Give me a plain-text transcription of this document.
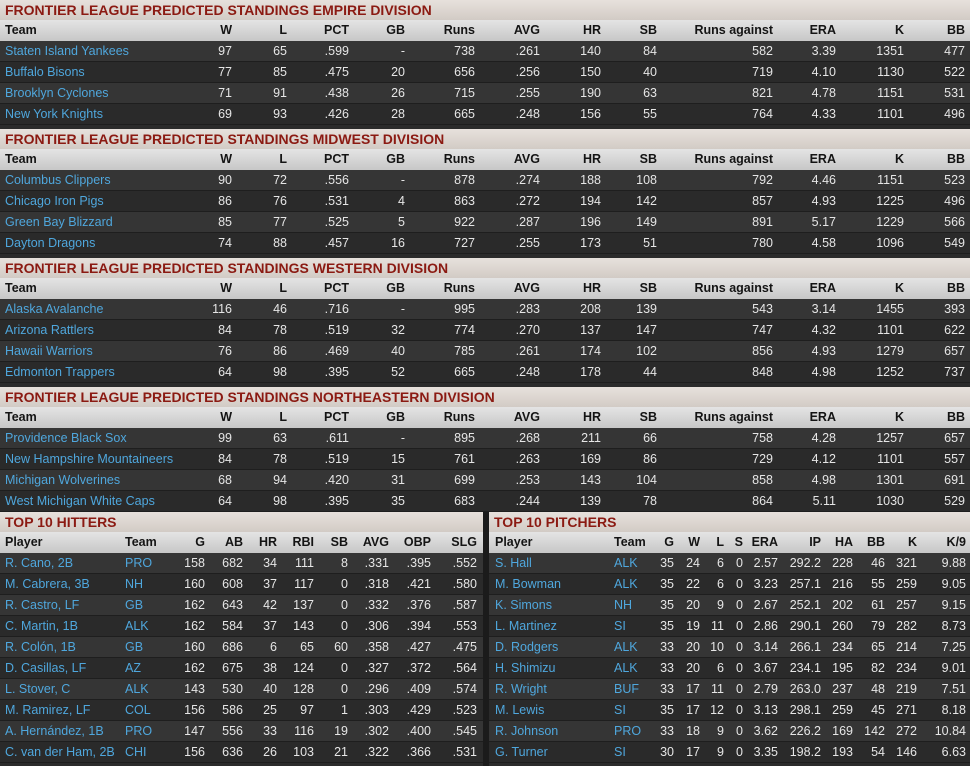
FRONTIER LEAGUE PREDICTED STANDINGS EMPIRE DIVISION
Team	W	L	PCT	GB	Runs	AVG	HR	SB	Runs against	ERA	K	BB
Staten Island Yankees	97	65	.599	-	738	.261	140	84	582	3.39	1351	477
Buffalo Bisons	77	85	.475	20	656	.256	150	40	719	4.10	1130	522
Brooklyn Cyclones	71	91	.438	26	715	.255	190	63	821	4.78	1151	531
New York Knights	69	93	.426	28	665	.248	156	55	764	4.33	1101	496
FRONTIER LEAGUE PREDICTED STANDINGS MIDWEST DIVISION
Team	W	L	PCT	GB	Runs	AVG	HR	SB	Runs against	ERA	K	BB
Columbus Clippers	90	72	.556	-	878	.274	188	108	792	4.46	1151	523
Chicago Iron Pigs	86	76	.531	4	863	.272	194	142	857	4.93	1225	496
Green Bay Blizzard	85	77	.525	5	922	.287	196	149	891	5.17	1229	566
Dayton Dragons	74	88	.457	16	727	.255	173	51	780	4.58	1096	549
FRONTIER LEAGUE PREDICTED STANDINGS WESTERN DIVISION
Team	W	L	PCT	GB	Runs	AVG	HR	SB	Runs against	ERA	K	BB
Alaska Avalanche	116	46	.716	-	995	.283	208	139	543	3.14	1455	393
Arizona Rattlers	84	78	.519	32	774	.270	137	147	747	4.32	1101	622
Hawaii Warriors	76	86	.469	40	785	.261	174	102	856	4.93	1279	657
Edmonton Trappers	64	98	.395	52	665	.248	178	44	848	4.98	1252	737
FRONTIER LEAGUE PREDICTED STANDINGS NORTHEASTERN DIVISION
Team	W	L	PCT	GB	Runs	AVG	HR	SB	Runs against	ERA	K	BB
Providence Black Sox	99	63	.611	-	895	.268	211	66	758	4.28	1257	657
New Hampshire Mountaineers	84	78	.519	15	761	.263	169	86	729	4.12	1101	557
Michigan Wolverines	68	94	.420	31	699	.253	143	104	858	4.98	1301	691
West Michigan White Caps	64	98	.395	35	683	.244	139	78	864	5.11	1030	529
TOP 10 HITTERS
Player	Team	G AB HR RBI SB AVG OBP SLG
R. Cano, 2B	PRO	158 682 34 111 8 .331 .395 .552
M. Cabrera, 3B	NH	160 608 37 117 0 .318 .421 .580
R. Castro, LF	GB	162 643 42 137 0 .332 .376 .587
C. Martin, 1B	ALK	162 584 37 143 0 .306 .394 .553
R. Colón, 1B	GB	160 686 6 65 60 .358 .427 .475
D. Casillas, LF	AZ	162 675 38 124 0 .327 .372 .564
L. Stover, C	ALK	143 530 40 128 0 .296 .409 .574
M. Ramirez, LF	COL	156 586 25 97 1 .303 .429 .523
A. Hernández, 1B PRO	147 556 33 116 19 .302 .400 .545
C. van der Ham, 2B CHI	156 636 26 103 21 .322 .366 .531
TOP 10 PITCHERS
Player	Team G W L S ERA IP HA BB K K/9
S. Hall	ALK 35 24 6 0 2.57 292.2 228 46 321 9.88
M. Bowman	ALK 35 22 6 0 3.23 257.1 216 55 259 9.05
K. Simons	NH 35 20 9 0 2.67 252.1 202 61 257 9.15
L. Martinez	SI	35 19 11 0 2.86 290.1 260 79 282 8.73
D. Rodgers	ALK 33 20 10 0 3.14 266.1 234 65 214 7.25
H. Shimizu	ALK 33 20 6 0 3.67 234.1 195 82 234 9.01
R. Wright	BUF 33 17 11 0 2.79 263.0 237 48 219 7.51
M. Lewis	SI	35 17 12 0 3.13 298.1 259 45 271 8.18
R. Johnson	PRO 33 18 9 0 3.62 226.2 169 142 272 10.84
G. Turner	SI	30 17 9 0 3.35 198.2 193 54 146 6.63
